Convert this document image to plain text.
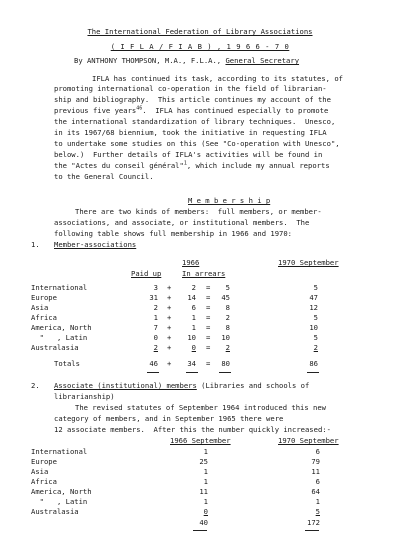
The International Federation of Library Associations
( I F L A / F I A B ) , 1 9 6 6 - 7 0
By ANTHONY THOMPSON, M.A., F.L.A., General Secretary
IFLA has continued its task, according to its statutes, of
promoting international co-operation in the field of librarian-
ship and bibliography.  This article continues my account of the
previous five years$^{46}$.  IFLA has continued especially to promote
the international standardization of library techniques.  Unesco,
in its 1967/68 biennium, took the initiative in requesting IFLA
to undertake some studies on this (See "Co-operation with Unesco",
below.)  Further details of IFLA's activities will be found in
the "Actes du conseil général"$^1$, which include my annual reports
to the General Council.
M e m b e r s h i p
There are two kinds of members:  full members, or member-
associations, and associate, or institutional members.  The
following table shows full membership in 1966 and 1970:
1. Member-associations
1966	1970 September
Paid up	In arrears
International	3 +	2 =	5	5
Europe	31 +	14 =	45	47
Asia	2 +	6 =	8	12
Africa	1 +	1 =	2	5
America, North	7 +	1 =	8	10
"   , Latin	0 +	10 =	10	5
Australasia	2 +	0 =	2	2
Totals	46 +	34 =	80	86
2. Associate (institutional) members (Libraries and schools of
librarianship)
The revised statutes of September 1964 introduced this new
category of members, and in September 1965 there were
12 associate members.  After this the number quickly increased:-
1966 September	1970 September
International	1	6
Europe	25	79
Asia	1	11
Africa	1	6
America, North	11	64
"   , Latin	1	1
Australasia	0	5
40	172
